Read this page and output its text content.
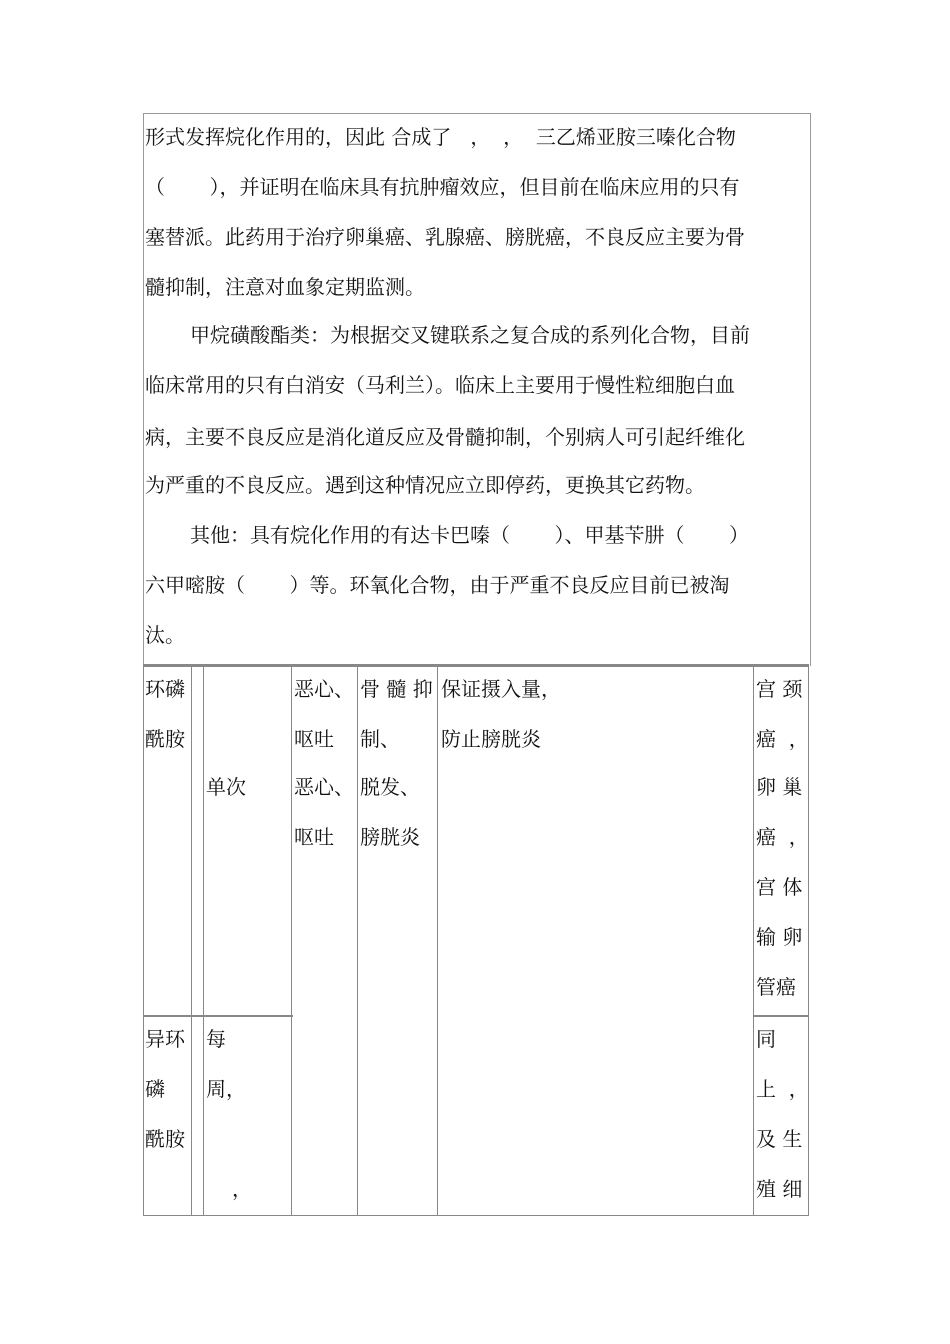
形式发挥烷化作用的，因此 合成了   ，  ，  三乙烯亚胺三嗪化合物
（       ），并证明在临床具有抗肿瘤效应，但目前在临床应用的只有
塞替派。此药用于治疗卵巢癌、乳腺癌、膀胱癌，不良反应主要为骨
髓抑制，注意对血象定期监测。
甲烷磺酸酯类：为根据交叉键联系之复合成的系列化合物，目前
临床常用的只有白消安（马利兰）。临床上主要用于慢性粒细胞白血
病，主要不良反应是消化道反应及骨髓抑制，个别病人可引起纤维化
为严重的不良反应。遇到这种情况应立即停药，更换其它药物。
其他：具有烷化作用的有达卡巴嗪（       ）、甲基苄肼（       ）
六甲嘧胺（       ）等。环氧化合物，由于严重不良反应目前已被淘
汰。
环磷
酰胺
单次
恶心、
呕吐
恶心、
呕吐
骨 髓 抑
制、
脱发、
膀胱炎
保证摄入量，
防止膀胱炎
宫 颈
癌  ，
卵 巢
癌  ，
宫 体
输 卵
管癌
异环
磷
酰胺
每
周，
，
同
上  ，
及 生
殖 细
